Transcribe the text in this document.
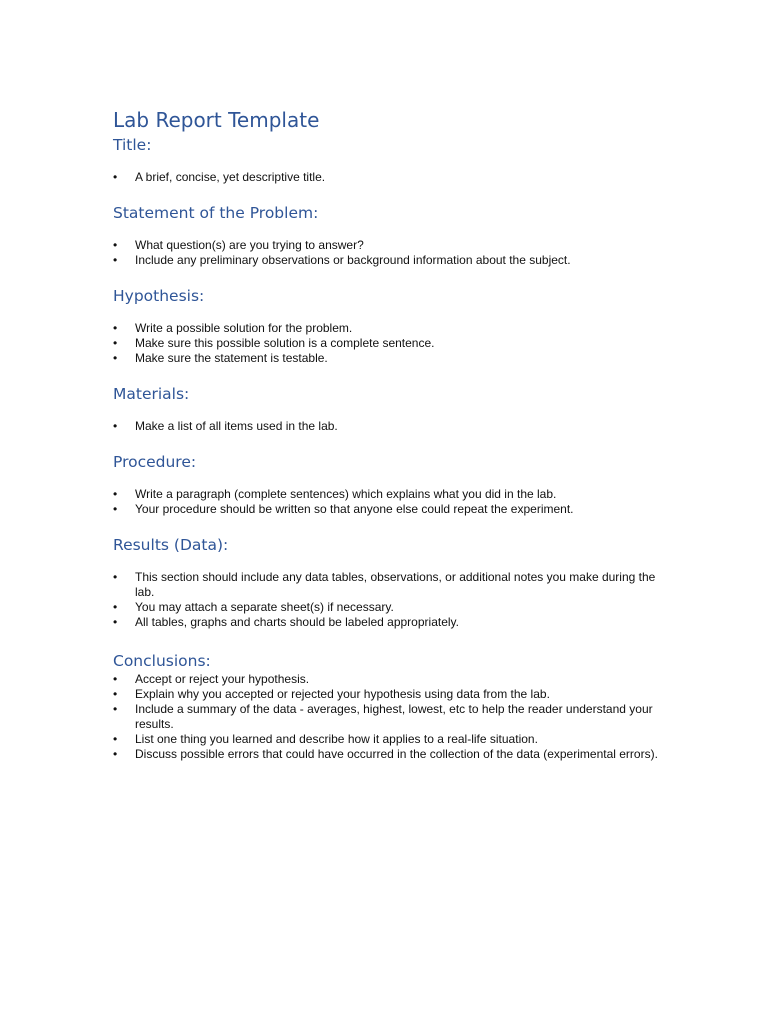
Lab Report Template
Title:
•	A brief, concise, yet descriptive title.
Statement of the Problem:
•	What question(s) are you trying to answer?
•	Include any preliminary observations or background information about the subject.
Hypothesis:
•	Write a possible solution for the problem.
•	Make sure this possible solution is a complete sentence.
•	Make sure the statement is testable.
Materials:
•	Make a list of all items used in the lab.
Procedure:
•	Write a paragraph (complete sentences) which explains what you did in the lab.
•	Your procedure should be written so that anyone else could repeat the experiment.
Results (Data):
•	This section should include any data tables, observations, or additional notes you make during the lab.
•	You may attach a separate sheet(s) if necessary.
•	All tables, graphs and charts should be labeled appropriately.
Conclusions:
•	Accept or reject your hypothesis.
•	Explain why you accepted or rejected your hypothesis using data from the lab.
•	Include a summary of the data - averages, highest, lowest, etc to help the reader understand your results.
•	List one thing you learned and describe how it applies to a real-life situation.
•	Discuss possible errors that could have occurred in the collection of the data (experimental errors).
